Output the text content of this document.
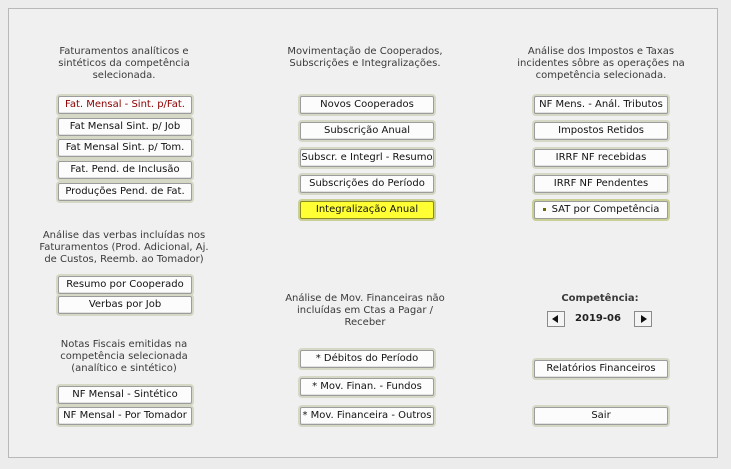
Faturamentos analíticos e sintéticos da competência selecionada.
Fat. Mensal - Sint. p/Fat.
Fat Mensal Sint. p/ Job
Fat Mensal Sint. p/ Tom.
Fat. Pend. de Inclusão
Produções Pend. de Fat.
Análise das verbas incluídas nos Faturamentos (Prod. Adicional, Aj. de Custos, Reemb. ao Tomador)
Resumo por Cooperado
Verbas por Job
Notas Fiscais emitidas na competência selecionada (analítico e sintético)
NF Mensal - Sintético
NF Mensal - Por Tomador
Movimentação de Cooperados, Subscrições e Integralizações.
Novos Cooperados
Subscrição Anual
Subscr. e Integrl - Resumo
Subscrições do Período
Integralização Anual
Análise de Mov. Financeiras não incluídas em Ctas a Pagar / Receber
* Débitos do Período
* Mov. Finan. - Fundos
* Mov. Financeira - Outros
Análise dos Impostos e Taxas incidentes sôbre as operações na competência selecionada.
NF Mens. - Anál. Tributos
Impostos Retidos
IRRF NF recebidas
IRRF NF Pendentes
SAT por Competência
Competência:
2019-06
Relatórios Financeiros
Sair
